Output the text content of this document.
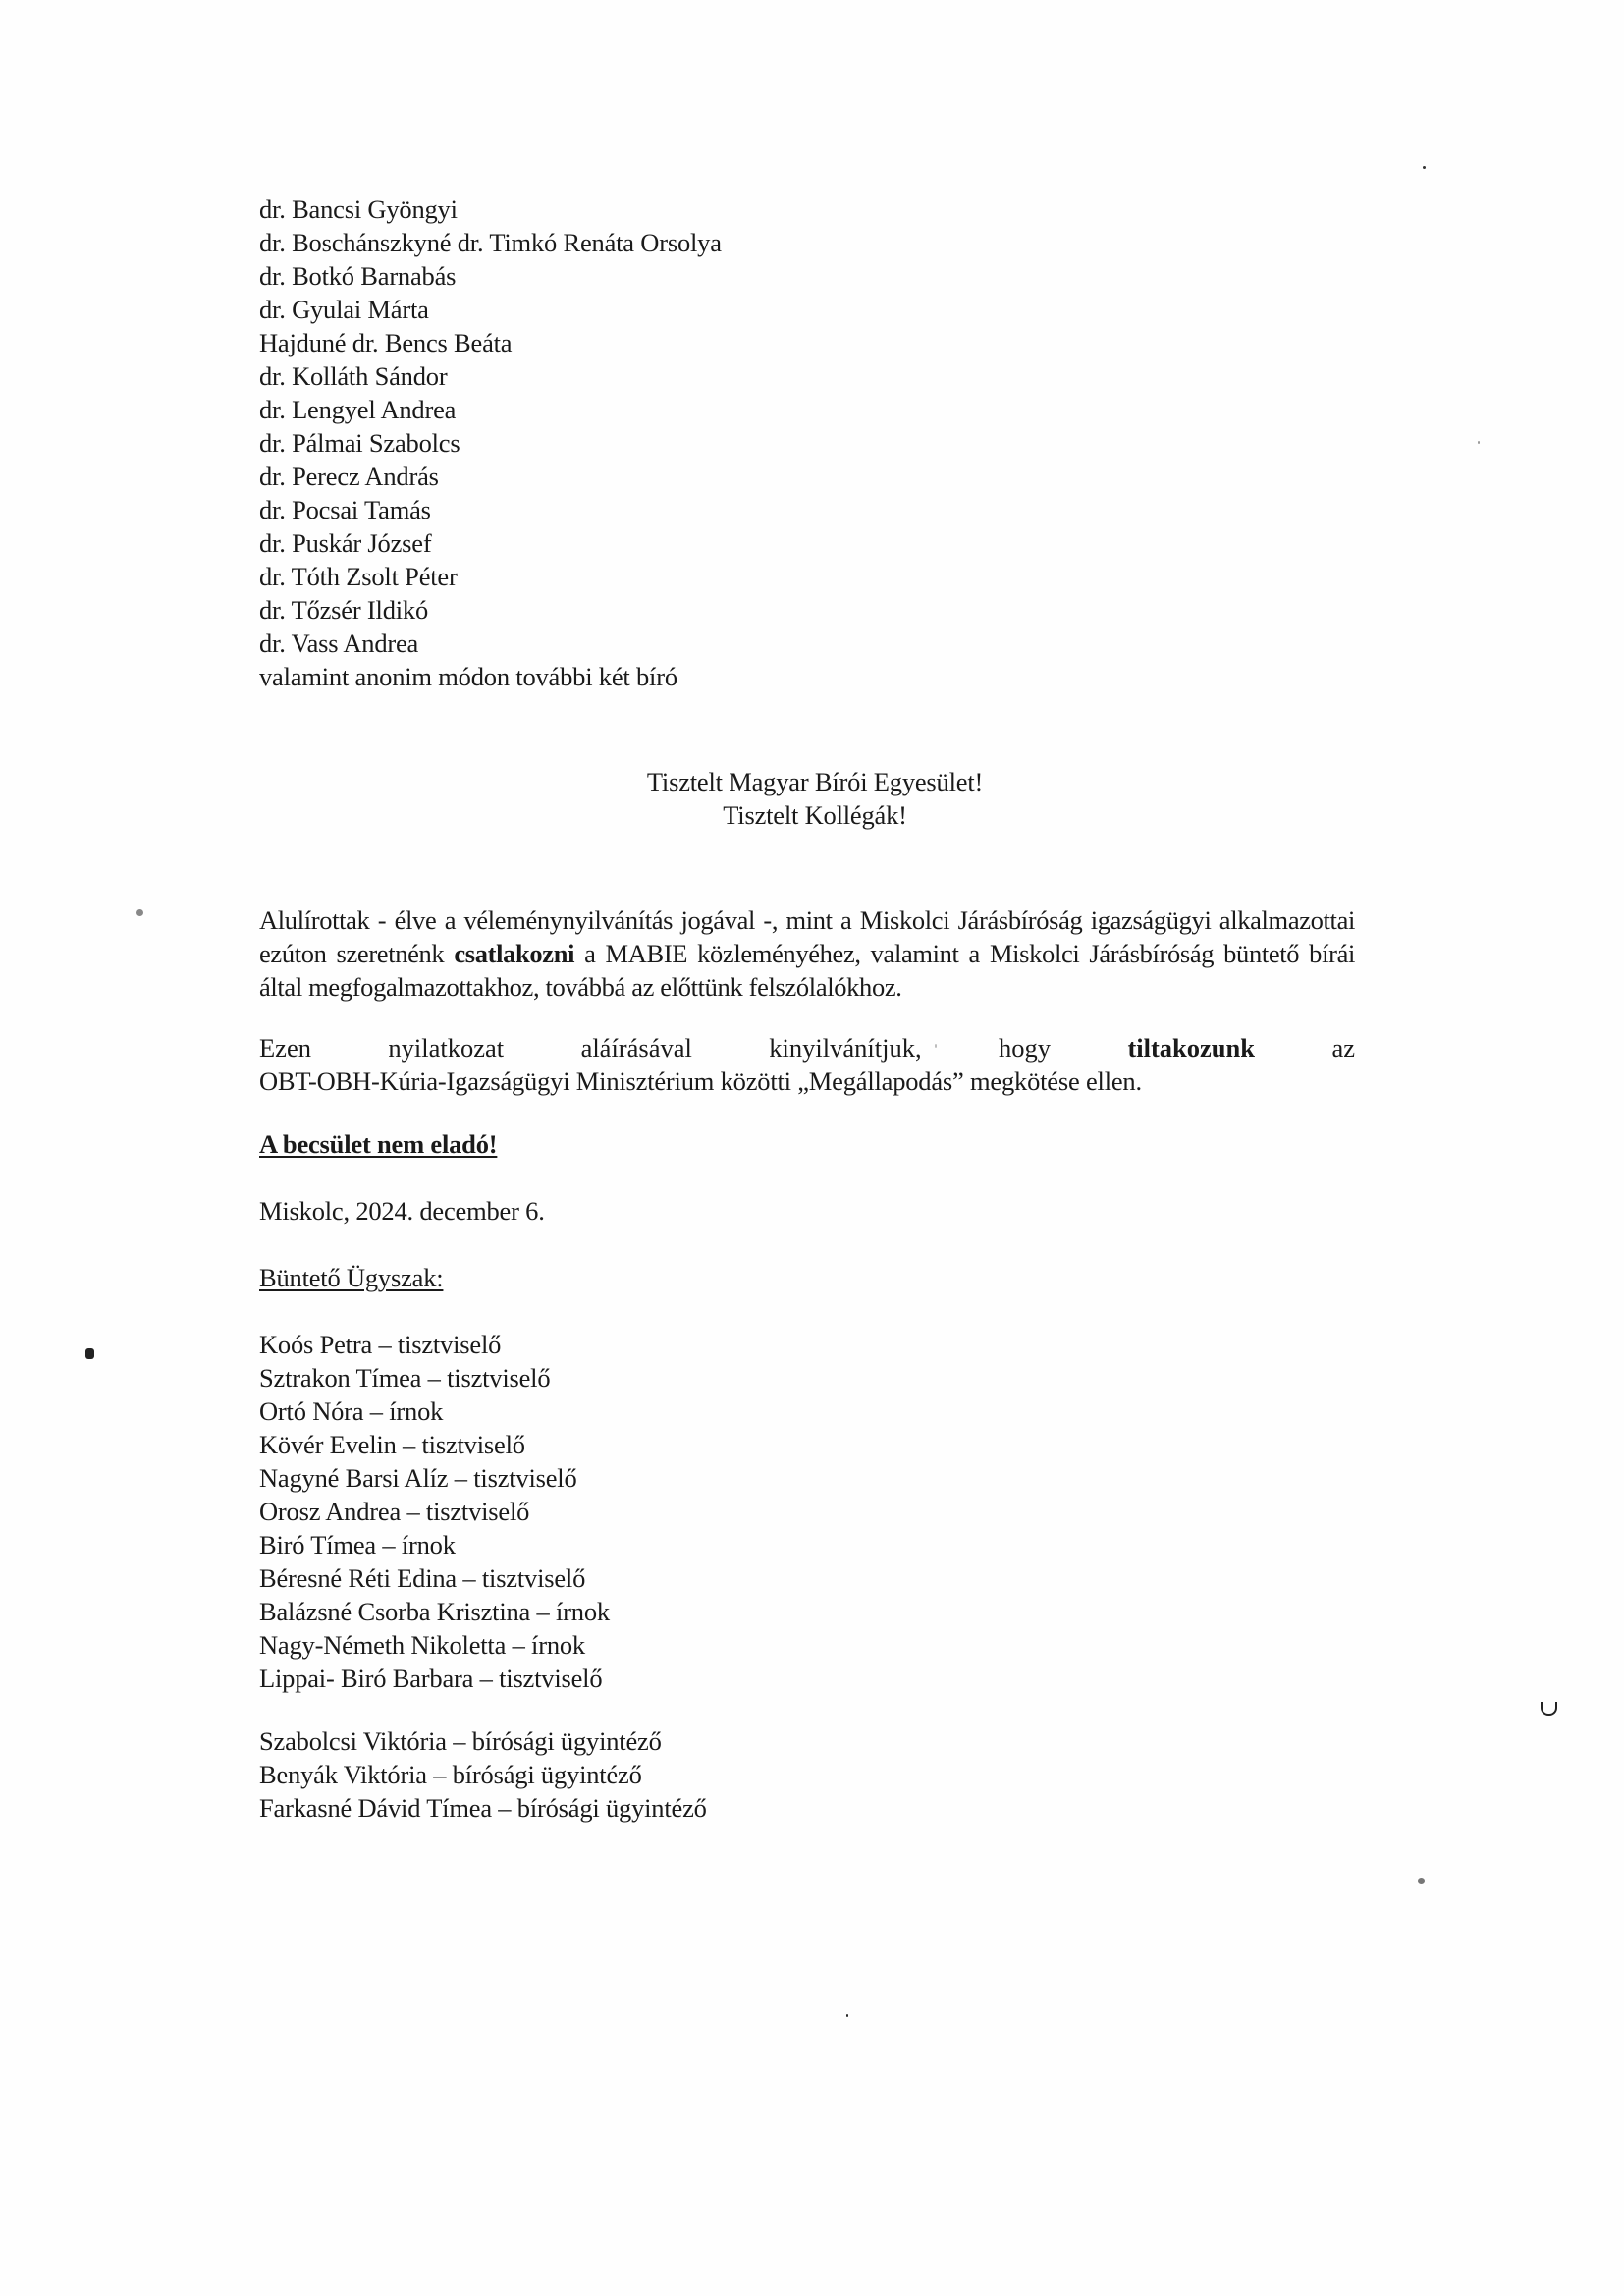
dr. Bancsi Gyöngyi
dr. Boschánszkyné dr. Timkó Renáta Orsolya
dr. Botkó Barnabás
dr. Gyulai Márta
Hajduné dr. Bencs Beáta
dr. Kolláth Sándor
dr. Lengyel Andrea
dr. Pálmai Szabolcs
dr. Perecz András
dr. Pocsai Tamás
dr. Puskár József
dr. Tóth Zsolt Péter
dr. Tőzsér Ildikó
dr. Vass Andrea
valamint anonim módon további két bíró
Tisztelt Magyar Bírói Egyesület!
Tisztelt Kollégák!
Alulírottak - élve a véleménynyilvánítás jogával -, mint a Miskolci Járásbíróság igazságügyi alkalmazottai ezúton szeretnénk csatlakozni a MABIE közleményéhez, valamint a Miskolci Járásbíróság büntető bírái által megfogalmazottakhoz, továbbá az előttünk felszólalókhoz.
Ezen	nyilatkozat	aláírásával	kinyilvánítjuk,	hogy	tiltakozunk	az
OBT-OBH-Kúria-Igazságügyi Minisztérium közötti „Megállapodás” megkötése ellen.
A becsület nem eladó!
Miskolc, 2024. december 6.
Büntető Ügyszak:
Koós Petra – tisztviselő
Sztrakon Tímea – tisztviselő
Ortó Nóra – írnok
Kövér Evelin – tisztviselő
Nagyné Barsi Alíz – tisztviselő
Orosz Andrea – tisztviselő
Biró Tímea – írnok
Béresné Réti Edina – tisztviselő
Balázsné Csorba Krisztina – írnok
Nagy-Németh Nikoletta – írnok
Lippai- Biró Barbara – tisztviselő
Szabolcsi Viktória – bírósági ügyintéző
Benyák Viktória – bírósági ügyintéző
Farkasné Dávid Tímea – bírósági ügyintéző
